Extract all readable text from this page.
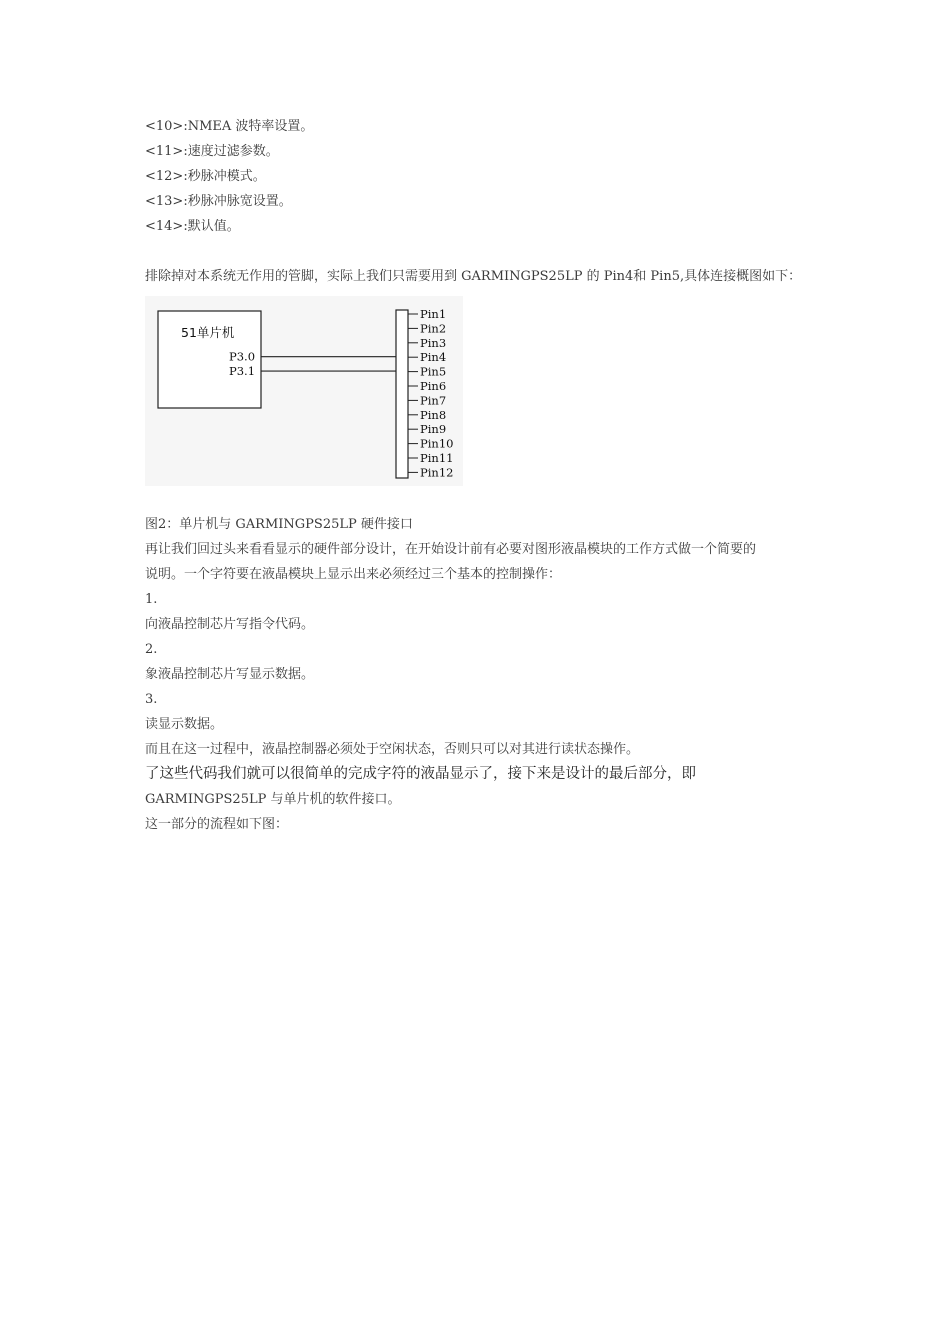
<10>:NMEA 波特率设置。
<11>:速度过滤参数。
<12>:秒脉冲模式。
<13>:秒脉冲脉宽设置。
<14>:默认值。
排除掉对本系统无作用的管脚，实际上我们只需要用到 GARMINGPS25LP 的 Pin4和 Pin5,具体连接概图如下：
51单片机
P3.0
P3.1
Pin1
Pin2
Pin3
Pin4
Pin5
Pin6
Pin7
Pin8
Pin9
Pin10
Pin11
Pin12
图2：单片机与 GARMINGPS25LP 硬件接口
再让我们回过头来看看显示的硬件部分设计，在开始设计前有必要对图形液晶模块的工作方式做一个简要的
说明。一个字符要在液晶模块上显示出来必须经过三个基本的控制操作：
1.
向液晶控制芯片写指令代码。
2.
象液晶控制芯片写显示数据。
3.
读显示数据。
而且在这一过程中，液晶控制器必须处于空闲状态，否则只可以对其进行读状态操作。
了这些代码我们就可以很简单的完成字符的液晶显示了，接下来是设计的最后部分，即
GARMINGPS25LP 与单片机的软件接口。
这一部分的流程如下图：
